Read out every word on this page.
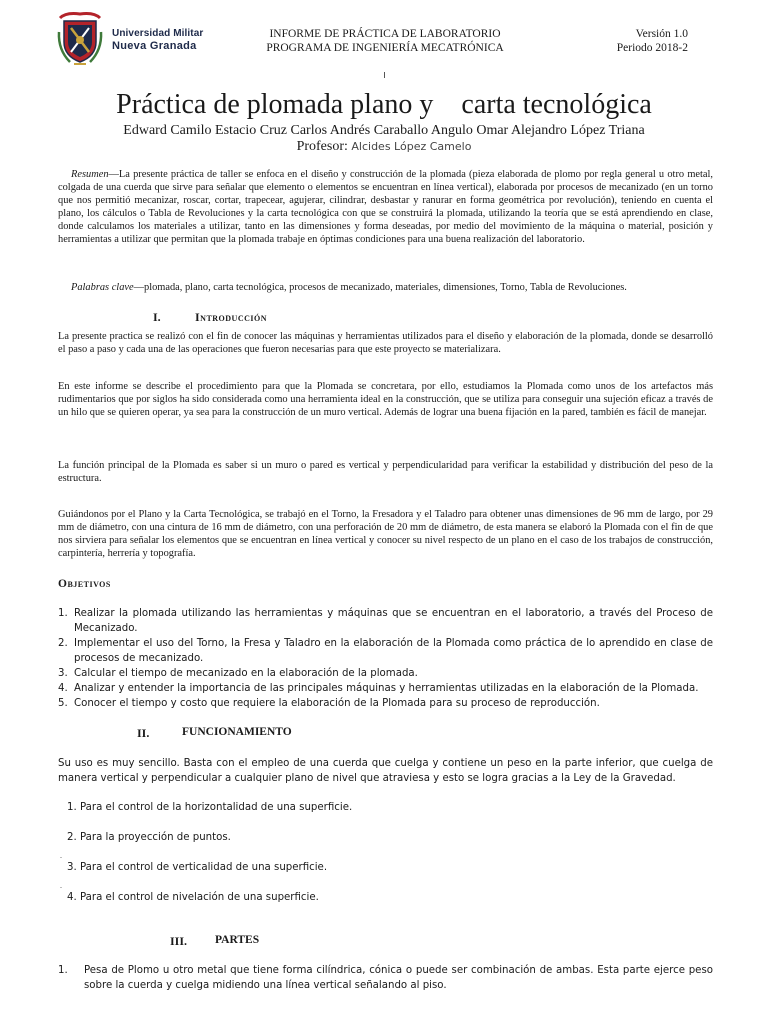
Universidad Militar
Nueva Granada
INFORME DE PRÁCTICA DE LABORATORIO
PROGRAMA DE INGENIERÍA MECATRÓNICA
Versión 1.0
Periodo 2018-2
Práctica de plomada plano y    carta tecnológica
Edward Camilo Estacio Cruz Carlos Andrés Caraballo Angulo Omar Alejandro López Triana
Profesor: Alcides López Camelo

Resumen—La presente práctica de taller se enfoca en el diseño y construcción de la plomada (pieza elaborada de plomo por regla general u otro metal, colgada de una cuerda que sirve para señalar que elemento o elementos se encuentran en línea vertical), elaborada por procesos de mecanizado (en un torno que nos permitió mecanizar, roscar, cortar, trapecear, agujerar, cilindrar, desbastar y ranurar en forma geométrica por revolución), teniendo en cuenta el plano, los cálculos o Tabla de Revoluciones y la carta tecnológica con que se construirá la plomada, utilizando la teoría que se está aprendiendo en clase, donde calculamos los materiales a utilizar, tanto en las dimensiones y forma deseadas, por medio del movimiento de la máquina o material, posición y herramientas a utilizar que permitan que la plomada trabaje en óptimas condiciones para una buena realización del laboratorio.

Palabras clave—plomada, plano, carta tecnológica, procesos de mecanizado, materiales, dimensiones, Torno, Tabla de Revoluciones.

I.	Introducción

La presente practica se realizó con el fin de conocer las máquinas y herramientas utilizados para el diseño y elaboración de la plomada, donde se desarrolló el paso a paso y cada una de las operaciones que fueron necesarias para que este proyecto se materializara.

En este informe se describe el procedimiento para que la Plomada se concretara, por ello, estudiamos la Plomada como unos de los artefactos más rudimentarios que por siglos ha sido considerada como una herramienta ideal en la construcción, que se utiliza para conseguir una sujeción eficaz a través de un hilo que se quieren operar, ya sea para la construcción de un muro vertical. Además de lograr una buena fijación en la pared, también es fácil de manejar.

La función principal de la Plomada es saber si un muro o pared es vertical y perpendicularidad para verificar la estabilidad y distribución del peso de la estructura.

Guiándonos por el Plano y la Carta Tecnológica, se trabajó en el Torno, la Fresadora y el Taladro para obtener unas dimensiones de 96 mm de largo, por 29 mm de diámetro, con una cintura de 16 mm de diámetro, con una perforación de 20 mm de diámetro, de esta manera se elaboró la Plomada con el fin de que nos sirviera para señalar los elementos que se encuentran en línea vertical y conocer su nivel respecto de un plano en el caso de los trabajos de construcción, carpintería, herrería y topografía.

Objetivos
1. Realizar la plomada utilizando las herramientas y máquinas que se encuentran en el laboratorio, a través del Proceso de Mecanizado.
2. Implementar el uso del Torno, la Fresa y Taladro en la elaboración de la Plomada como práctica de lo aprendido en clase de procesos de mecanizado.
3. Calcular el tiempo de mecanizado en la elaboración de la plomada.
4. Analizar y entender la importancia de las principales máquinas y herramientas utilizadas en la elaboración de la Plomada.
5. Conocer el tiempo y costo que requiere la elaboración de la Plomada para su proceso de reproducción.
II.	FUNCIONAMIENTO

Su uso es muy sencillo. Basta con el empleo de una cuerda que cuelga y contiene un peso en la parte inferior, que cuelga de manera vertical y perpendicular a cualquier plano de nivel que atraviesa y esto se logra gracias a la Ley de la Gravedad.

1. Para el control de la horizontalidad de una superficie.
2. Para la proyección de puntos.
.
3. Para el control de verticalidad de una superficie.
.
4. Para el control de nivelación de una superficie.
III. PARTES
1. Pesa de Plomo u otro metal que tiene forma cilíndrica, cónica o puede ser combinación de ambas. Esta parte ejerce peso sobre la cuerda y cuelga midiendo una línea vertical señalando al piso.
